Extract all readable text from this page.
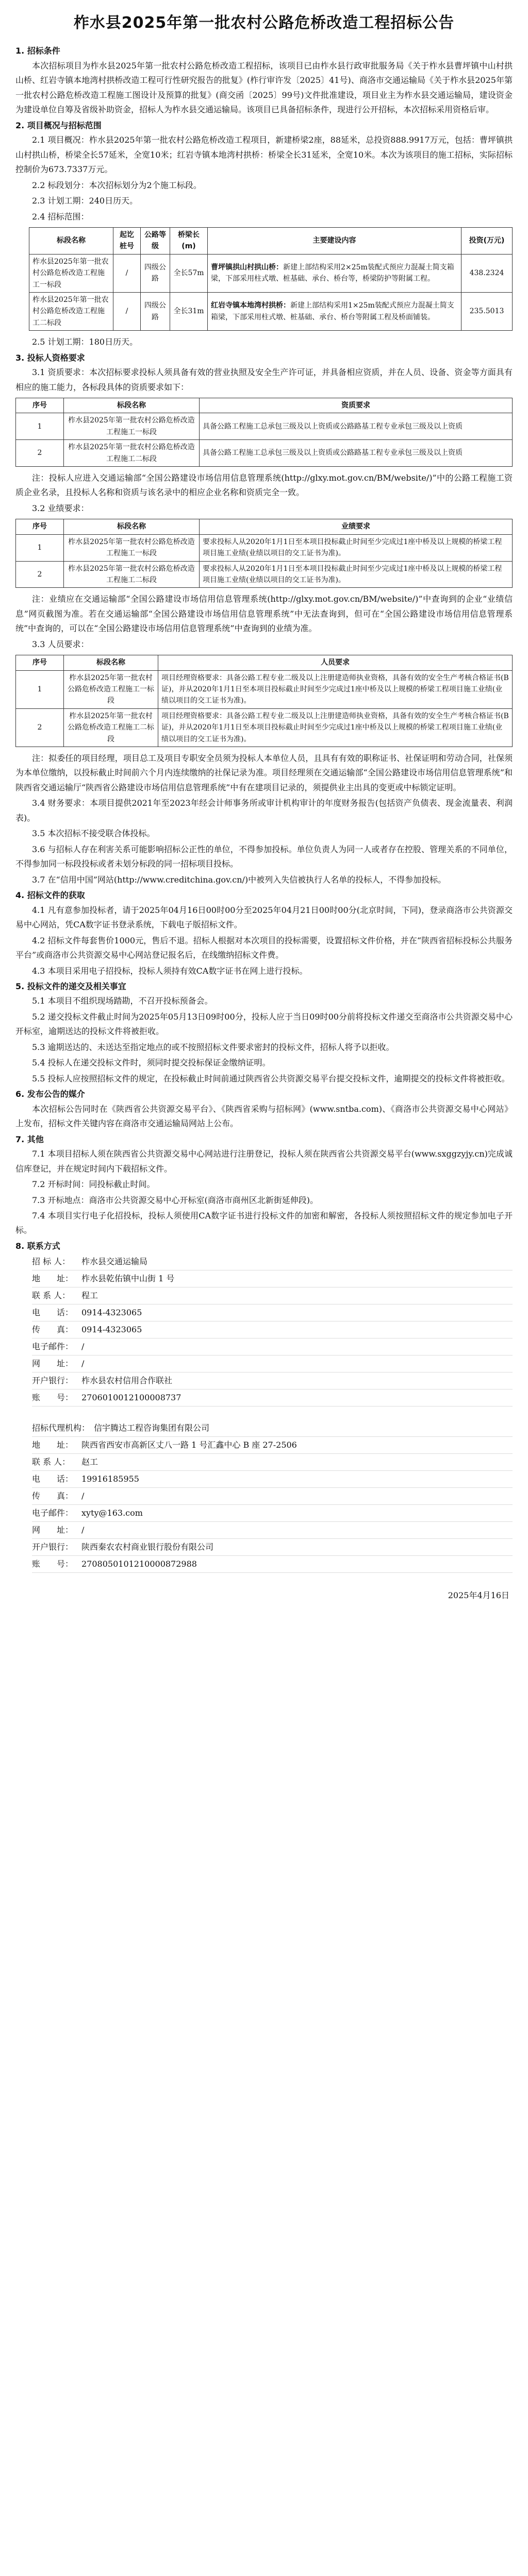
柞水县2025年第一批农村公路危桥改造工程招标公告
1. 招标条件

本次招标项目为柞水县2025年第一批农村公路危桥改造工程招标，该项目已由柞水县行政审批服务局《关于柞水县曹坪镇中山村拱山桥、红岩寺镇本地湾村拱桥改造工程可行性研究报告的批复》(柞行审许发〔2025〕41号)、商洛市交通运输局《关于柞水县2025年第一批农村公路危桥改造工程施工图设计及预算的批复》(商交函〔2025〕99号)文件批准建设，项目业主为柞水县交通运输局，建设资金为建设单位自筹及省级补助资金，招标人为柞水县交通运输局。该项目已具备招标条件，现进行公开招标，本次招标采用资格后审。

2. 项目概况与招标范围

2.1 项目概况：柞水县2025年第一批农村公路危桥改造工程项目，新建桥梁2座，88延米，总投资888.9917万元，包括：曹坪镇拱山村拱山桥，桥梁全长57延米，全宽10米；红岩寺镇本地湾村拱桥：桥梁全长31延米，全宽10米。本次为该项目的施工招标，实际招标控制价为673.7337万元。

2.2 标段划分：本次招标划分为2个施工标段。

2.3 计划工期：240日历天。

2.4 招标范围：

标段名称	起讫桩号	公路等级	桥梁长(m)	主要建设内容	投资(万元)
柞水县2025年第一批农村公路危桥改造工程施工一标段	/	四级公路	全长57m	曹坪镇拱山村拱山桥：新建上部结构采用2×25m装配式预应力混凝土简支箱梁，下部采用柱式墩、桩基础、承台、桥台等，桥梁防护等附属工程。	438.2324
柞水县2025年第一批农村公路危桥改造工程施工二标段	/	四级公路	全长31m	红岩寺镇本地湾村拱桥：新建上部结构采用1×25m装配式预应力混凝土简支箱梁，下部采用柱式墩、桩基础、承台、桥台等附属工程及桥面铺装。	235.5013

2.5 计划工期：180日历天。

3. 投标人资格要求

3.1 资质要求：本次招标要求投标人须具备有效的营业执照及安全生产许可证，并具备相应资质，并在人员、设备、资金等方面具有相应的施工能力，各标段具体的资质要求如下：

序号	标段名称	资质要求
1	柞水县2025年第一批农村公路危桥改造工程施工一标段	具备公路工程施工总承包三级及以上资质或公路路基工程专业承包三级及以上资质
2	柞水县2025年第一批农村公路危桥改造工程施工二标段	具备公路工程施工总承包三级及以上资质或公路路基工程专业承包三级及以上资质

注：投标人应进入交通运输部“全国公路建设市场信用信息管理系统(http://glxy.mot.gov.cn/BM/website/)”中的公路工程施工资质企业名录，且投标人名称和资质与该名录中的相应企业名称和资质完全一致。

3.2 业绩要求：

序号	标段名称	业绩要求
1	柞水县2025年第一批农村公路危桥改造工程施工一标段	要求投标人从2020年1月1日至本项目投标截止时间至少完成过1座中桥及以上规模的桥梁工程项目施工业绩(业绩以项目的交工证书为准)。
2	柞水县2025年第一批农村公路危桥改造工程施工二标段	要求投标人从2020年1月1日至本项目投标截止时间至少完成过1座中桥及以上规模的桥梁工程项目施工业绩(业绩以项目的交工证书为准)。

注：业绩应在交通运输部“全国公路建设市场信用信息管理系统(http://glxy.mot.gov.cn/BM/website/)”中查询到的企业“业绩信息”网页截图为准。若在交通运输部“全国公路建设市场信用信息管理系统”中无法查询到，但可在“全国公路建设市场信用信息管理系统”中查询的，可以在“全国公路建设市场信用信息管理系统”中查询到的业绩为准。

3.3 人员要求：

序号	标段名称	人员要求
1	柞水县2025年第一批农村公路危桥改造工程施工一标段	项目经理资格要求：具备公路工程专业二级及以上注册建造师执业资格，具备有效的安全生产考核合格证书(B证)，并从2020年1月1日至本项目投标截止时间至少完成过1座中桥及以上规模的桥梁工程项目施工业绩(业绩以项目的交工证书为准)。
2	柞水县2025年第一批农村公路危桥改造工程施工二标段	项目经理资格要求：具备公路工程专业二级及以上注册建造师执业资格，具备有效的安全生产考核合格证书(B证)，并从2020年1月1日至本项目投标截止时间至少完成过1座中桥及以上规模的桥梁工程项目施工业绩(业绩以项目的交工证书为准)。

注：拟委任的项目经理，项目总工及项目专职安全员须为投标人本单位人员，且具有有效的职称证书、社保证明和劳动合同，社保须为本单位缴纳，以投标截止时间前六个月内连续缴纳的社保记录为准。项目经理须在交通运输部“全国公路建设市场信用信息管理系统”和陕西省交通运输厅“陕西省公路建设市场信用信息管理系统”中有在建项目记录的，须提供业主出具的变更或中标锁定证明。

3.4 财务要求：本项目提供2021年至2023年经会计师事务所或审计机构审计的年度财务报告(包括资产负债表、现金流量表、利润表)。

3.5 本次招标不接受联合体投标。

3.6 与招标人存在利害关系可能影响招标公正性的单位，不得参加投标。单位负责人为同一人或者存在控股、管理关系的不同单位，不得参加同一标段投标或者未划分标段的同一招标项目投标。

3.7 在“信用中国”网站(http://www.creditchina.gov.cn/)中被列入失信被执行人名单的投标人，不得参加投标。

4. 招标文件的获取

4.1 凡有意参加投标者，请于2025年04月16日00时00分至2025年04月21日00时00分(北京时间，下同)，登录商洛市公共资源交易中心网站，凭CA数字证书登录系统，下载电子版招标文件。

4.2 招标文件每套售价1000元，售后不退。招标人根据对本次项目的投标需要，设置招标文件价格，并在“陕西省招标投标公共服务平台”或商洛市公共资源交易中心网站登记报名后，在线缴纳招标文件费。

4.3 本项目采用电子招投标，投标人须持有效CA数字证书在网上进行投标。

5. 投标文件的递交及相关事宜

5.1 本项目不组织现场踏勘，不召开投标预备会。

5.2 递交投标文件截止时间为2025年05月13日09时00分，投标人应于当日09时00分前将投标文件递交至商洛市公共资源交易中心开标室，逾期送达的投标文件将被拒收。

5.3 逾期送达的、未送达至指定地点的或不按照招标文件要求密封的投标文件，招标人将予以拒收。

5.4 投标人在递交投标文件时，须同时提交投标保证金缴纳证明。

5.5 投标人应按照招标文件的规定，在投标截止时间前通过陕西省公共资源交易平台提交投标文件，逾期提交的投标文件将被拒收。

6. 发布公告的媒介

本次招标公告同时在《陕西省公共资源交易平台》、《陕西省采购与招标网》(www.sntba.com)、《商洛市公共资源交易中心网站》上发布，招标文件关键内容在商洛市交通运输局网站上公布。

7. 其他

7.1 本项目招标人须在陕西省公共资源交易中心网站进行注册登记，投标人须在陕西省公共资源交易平台(www.sxggzyjy.cn)完成诚信库登记，并在规定时间内下载招标文件。

7.2 开标时间：同投标截止时间。

7.3 开标地点：商洛市公共资源交易中心开标室(商洛市商州区北新街延伸段)。

7.4 本项目实行电子化招投标，投标人须使用CA数字证书进行投标文件的加密和解密，各投标人须按照招标文件的规定参加电子开标。

8. 联系方式
招 标 人：	柞水县交通运输局
地　　址： 柞水县乾佑镇中山街 1 号
联 系 人：	程工
电　　话： 0914-4323065
传　　真： 0914-4323065
电子邮件： /
网　　址： /
开户银行： 柞水县农村信用合作联社
账　　号： 2706010012100008737
招标代理机构： 信宇腾达工程咨询集团有限公司
地　　址： 陕西省西安市高新区丈八一路 1 号汇鑫中心 B 座 27-2506
联 系 人：	赵工
电　　话： 19916185955
传　　真： /
电子邮件： xyty@163.com
网　　址： /
开户银行： 陕西秦农农村商业银行股份有限公司
账　　号： 2708050101210000872988
2025年4月16日
